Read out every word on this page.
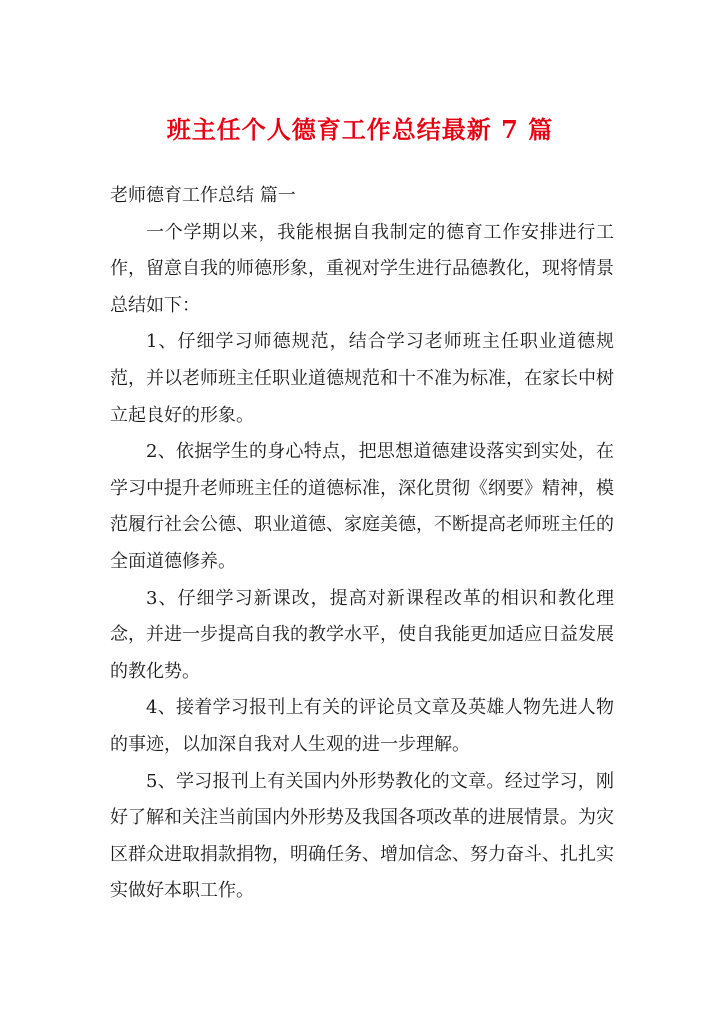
班主任个人德育工作总结最新 7 篇

老师德育工作总结 篇一

一个学期以来，我能根据自我制定的德育工作安排进行工作，留意自我的师德形象，重视对学生进行品德教化，现将情景总结如下：

1、仔细学习师德规范，结合学习老师班主任职业道德规范，并以老师班主任职业道德规范和十不准为标准，在家长中树立起良好的形象。

2、依据学生的身心特点，把思想道德建设落实到实处，在学习中提升老师班主任的道德标准，深化贯彻《纲要》精神，模范履行社会公德、职业道德、家庭美德，不断提高老师班主任的全面道德修养。

3、仔细学习新课改，提高对新课程改革的相识和教化理念，并进一步提高自我的教学水平，使自我能更加适应日益发展的教化势。

4、接着学习报刊上有关的评论员文章及英雄人物先进人物的事迹，以加深自我对人生观的进一步理解。

5、学习报刊上有关国内外形势教化的文章。经过学习，刚好了解和关注当前国内外形势及我国各项改革的进展情景。为灾区群众进取捐款捐物，明确任务、增加信念、努力奋斗、扎扎实实做好本职工作。
